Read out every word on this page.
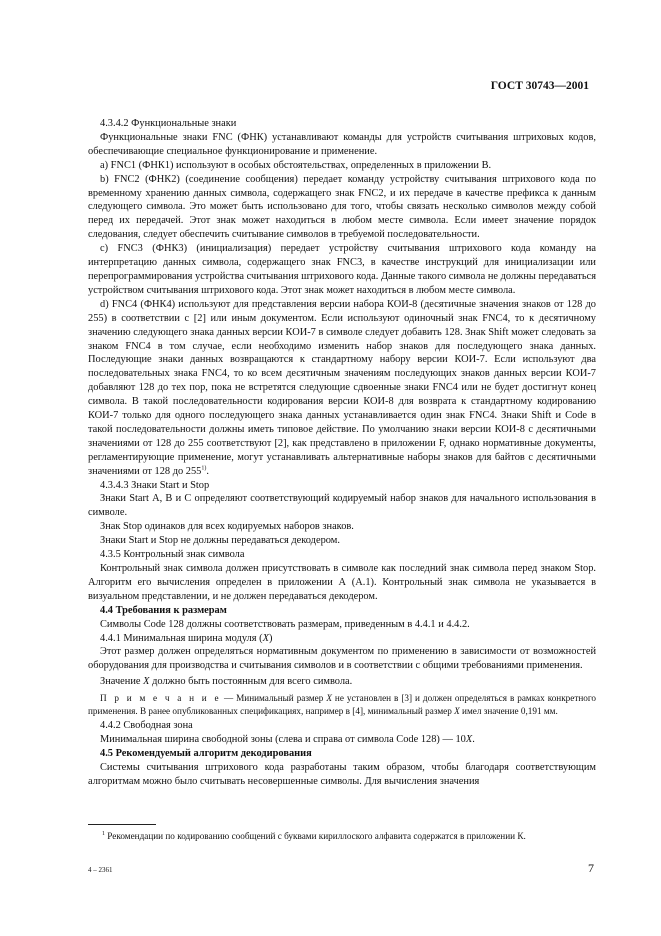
ГОСТ 30743—2001

4.3.4.2 Функциональные знаки

Функциональные знаки FNC (ФНК) устанавливают команды для устройств считывания штриховых кодов, обеспечивающие специальное функционирование и применение.

а) FNC1 (ФНК1) используют в особых обстоятельствах, определенных в приложении В.

b) FNC2 (ФНК2) (соединение сообщения) передает команду устройству считывания штрихового кода по временному хранению данных символа, содержащего знак FNC2, и их передаче в качестве префикса к данным следующего символа. Это может быть использовано для того, чтобы связать несколько символов между собой перед их передачей. Этот знак может находиться в любом месте символа. Если имеет значение порядок следования, следует обеспечить считывание символов в требуемой последовательности.

с) FNC3 (ФНК3) (инициализация) передает устройству считывания штрихового кода команду на интерпретацию данных символа, содержащего знак FNC3, в качестве инструкций для инициализации или перепрограммирования устройства считывания штрихового кода. Данные такого символа не должны передаваться устройством считывания штрихового кода. Этот знак может находиться в любом месте символа.

d) FNC4 (ФНК4) используют для представления версии набора КОИ-8 (десятичные значения знаков от 128 до 255) в соответствии с [2] или иным документом. Если используют одиночный знак FNC4, то к десятичному значению следующего знака данных версии КОИ-7 в символе следует добавить 128. Знак Shift может следовать за знаком FNC4 в том случае, если необходимо изменить набор знаков для последующего знака данных. Последующие знаки данных возвращаются к стандартному набору версии КОИ-7. Если используют два последовательных знака FNC4, то ко всем десятичным значениям последующих знаков данных версии КОИ-7 добавляют 128 до тех пор, пока не встретятся следующие сдвоенные знаки FNC4 или не будет достигнут конец символа. В такой последовательности кодирования версии КОИ-8 для возврата к стандартному кодированию КОИ-7 только для одного последующего знака данных устанавливается один знак FNC4. Знаки Shift и Code в такой последовательности должны иметь типовое действие. По умолчанию знаки версии КОИ-8 с десятичными значениями от 128 до 255 соответствуют [2], как представлено в приложении F, однако нормативные документы, регламентирующие применение, могут устанавливать альтернативные наборы знаков для байтов с десятичными значениями от 128 до 255$^{1)}$.

4.3.4.3 Знаки Start и Stop

Знаки Start А, В и С определяют соответствующий кодируемый набор знаков для начального использования в символе.

Знак Stop одинаков для всех кодируемых наборов знаков.

Знаки Start и Stop не должны передаваться декодером.

4.3.5 Контрольный знак символа

Контрольный знак символа должен присутствовать в символе как последний знак символа перед знаком Stop. Алгоритм его вычисления определен в приложении А (А.1). Контрольный знак символа не указывается в визуальном представлении, и не должен передаваться декодером.

4.4 Требования к размерам

Символы Code 128 должны соответствовать размерам, приведенным в 4.4.1 и 4.4.2.

4.4.1 Минимальная ширина модуля (X)

Этот размер должен определяться нормативным документом по применению в зависимости от возможностей оборудования для производства и считывания символов и в соответствии с общими требованиями применения.

Значение X должно быть постоянным для всего символа.

П р и м е ч а н и е — Минимальный размер X не установлен в [3] и должен определяться в рамках конкретного применения. В ранее опубликованных спецификациях, например в [4], минимальный размер X имел значение 0,191 мм.

4.4.2 Свободная зона

Минимальная ширина свободной зоны (слева и справа от символа Code 128) — 10X.

4.5 Рекомендуемый алгоритм декодирования

Системы считывания штрихового кода разработаны таким образом, чтобы благодаря соответствующим алгоритмам можно было считывать несовершенные символы. Для вычисления значения

$^1$ Рекомендации по кодированию сообщений с буквами кириллоского алфавита содержатся в приложении К.

4 – 2361	7
